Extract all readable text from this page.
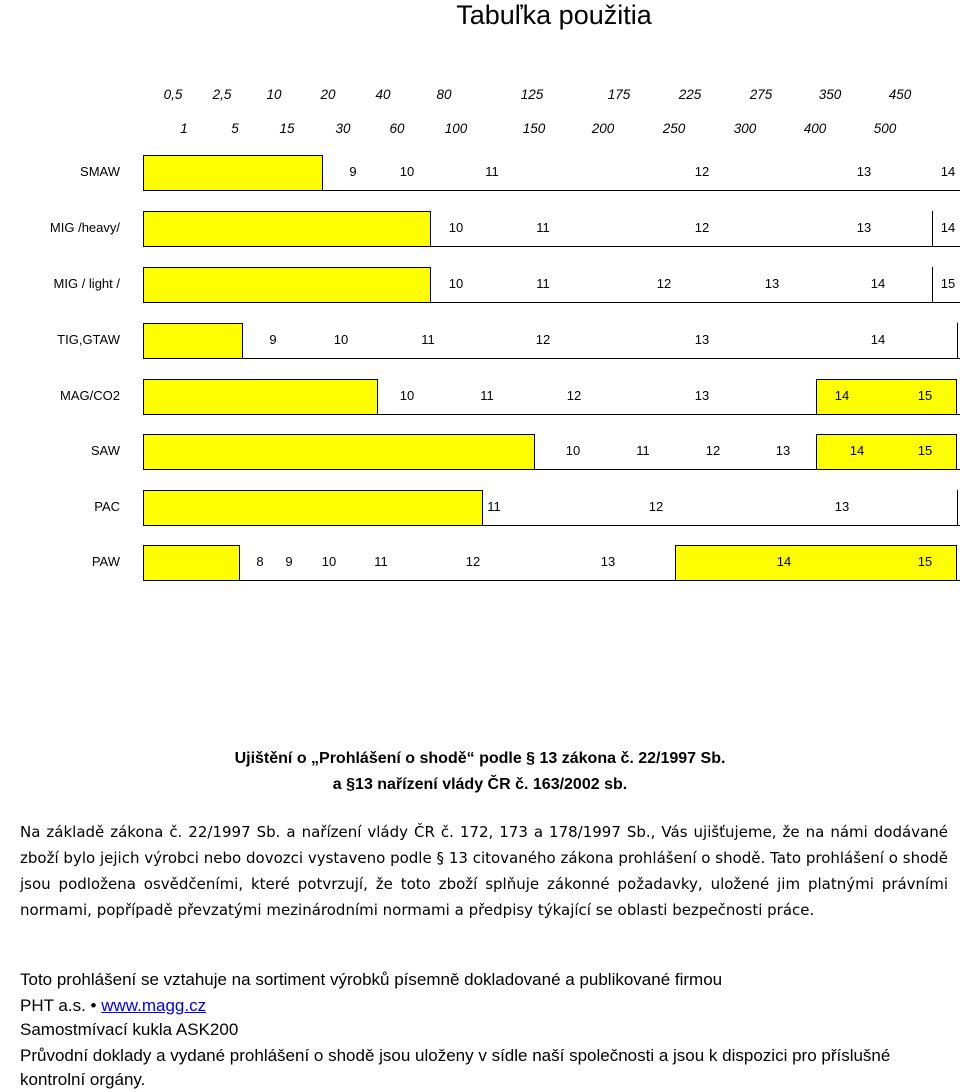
Tabuľka použitia
0,5 2,5	10	20	40	80	125	175	225	275	350	450
1	5	15	30	60	100	150	200	250	300	400	500
SMAW	9	10	11	12	13	14
MIG /heavy/	10	11	12	13	14
MIG / light /	10	11	12	13	14	15
TIG,GTAW	9	10	11	12	13	14
MAG/CO2	10	11	12	13	14	15
SAW	10	11	12	13	14	15
PAC	11	12	13
PAW	8 9 10	11	12	13	14	15
Ujištění o „Prohlášení o shodě“ podle § 13 zákona č. 22/1997 Sb.
a §13 nařízení vlády ČR č. 163/2002 sb.
Na základě zákona č. 22/1997 Sb. a nařízení vlády ČR č. 172, 173 a 178/1997 Sb., Vás ujišťujeme, že na námi dodávané zboží bylo jejich výrobci nebo dovozci vystaveno podle § 13 citovaného zákona prohlášení o shodě. Tato prohlášení o shodě jsou podložena osvědčeními, které potvrzují, že toto zboží splňuje zákonné požadavky, uložené jim platnými právními normami, popřípadě převzatými mezinárodními normami a předpisy týkající se oblasti bezpečnosti práce.
Toto prohlášení se vztahuje na sortiment výrobků písemně dokladované a publikované firmou
PHT a.s. • www.magg.cz
Samostmívací kukla ASK200
Průvodní doklady a vydané prohlášení o shodě jsou uloženy v sídle naší společnosti a jsou k dispozici pro příslušné kontrolní orgány.
